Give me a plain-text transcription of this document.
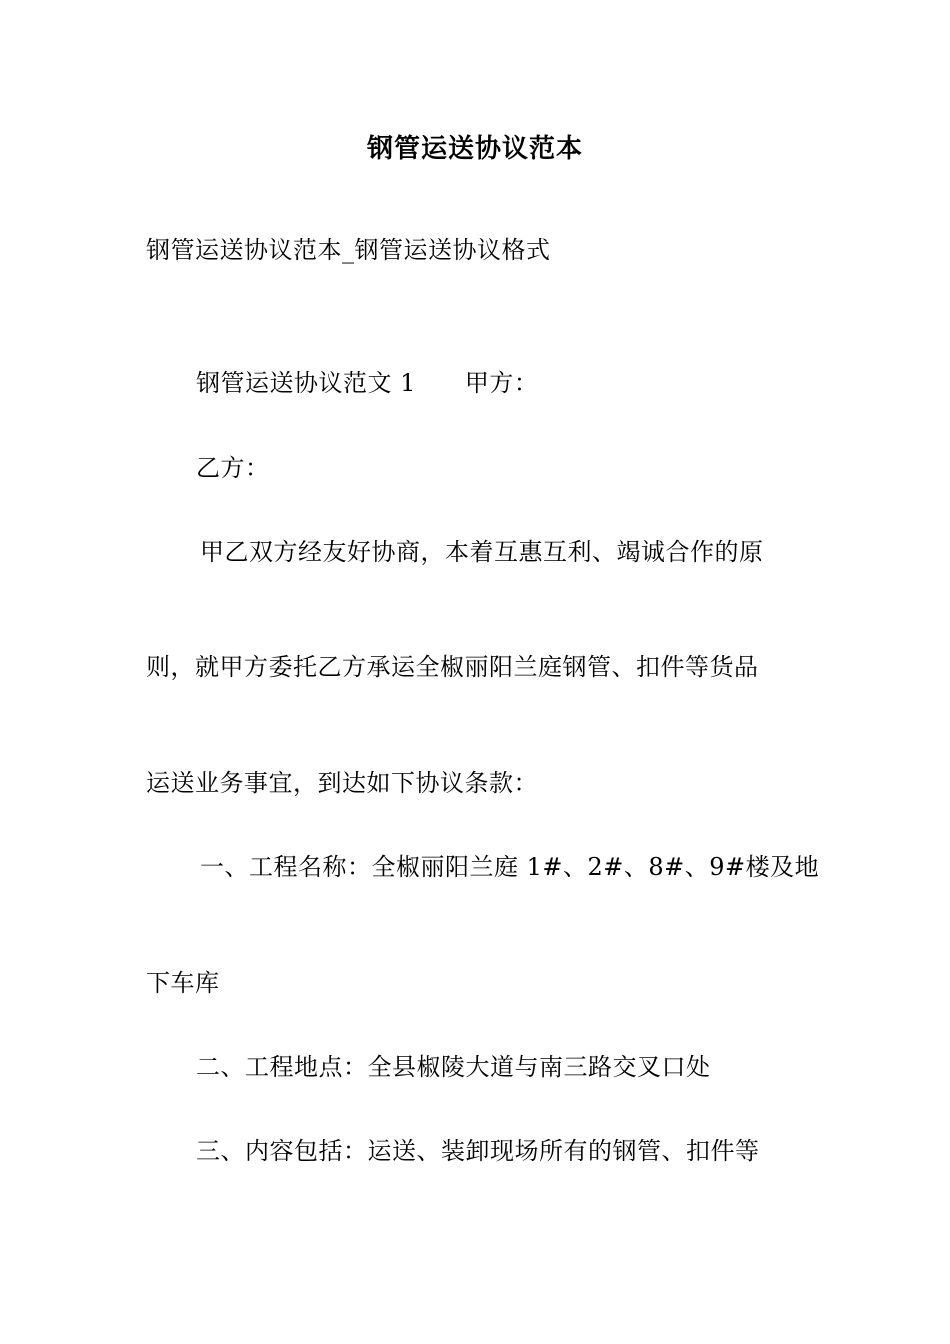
钢管运送协议范本
钢管运送协议范本_钢管运送协议格式
钢管运送协议范文 1　　甲方：
乙方：
甲乙双方经友好协商，本着互惠互利、竭诚合作的原
则，就甲方委托乙方承运全椒丽阳兰庭钢管、扣件等货品
运送业务事宜，到达如下协议条款：
一、工程名称：全椒丽阳兰庭 1#、2#、8#、9#楼及地
下车库
二、工程地点：全县椒陵大道与南三路交叉口处
三、内容包括：运送、装卸现场所有的钢管、扣件等
